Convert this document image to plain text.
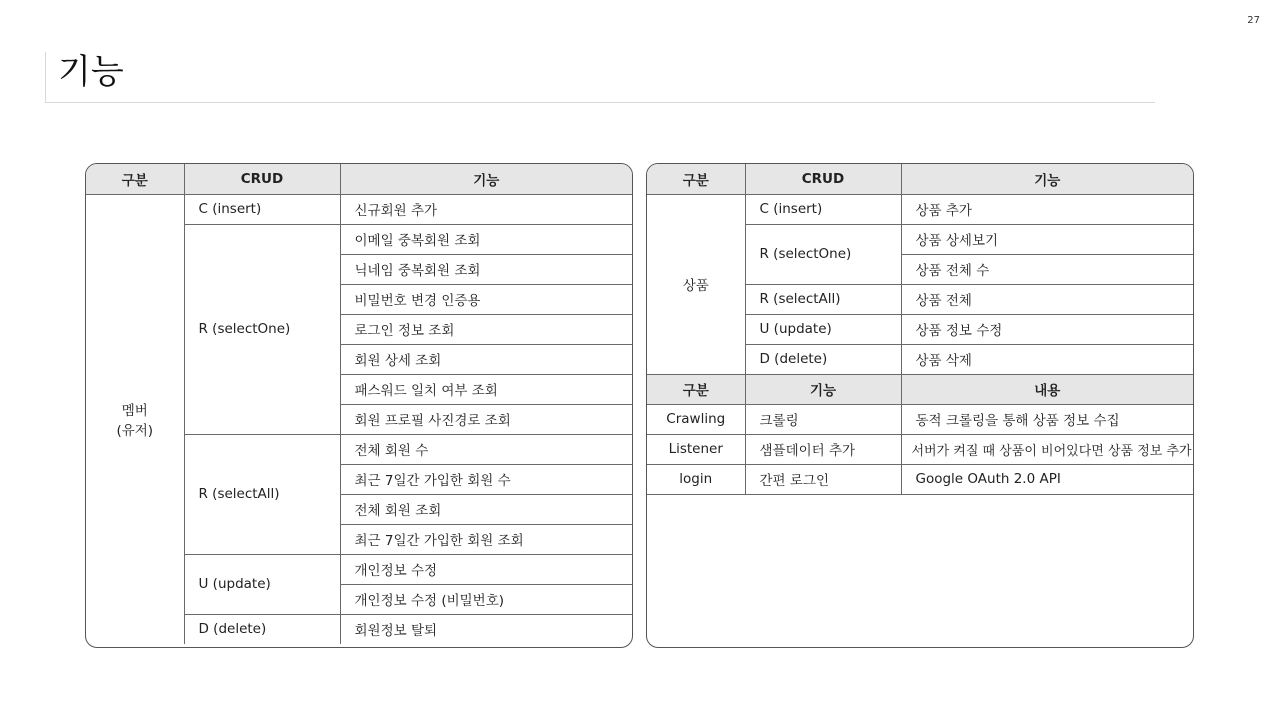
27
기능
구분	CRUD	기능
멤버
(유저)	C (insert)	신규회원 추가
	R (selectOne)	이메일 중복회원 조회
		닉네임 중복회원 조회
		비밀번호 변경 인증용
		로그인 정보 조회
		회원 상세 조회
		패스워드 일치 여부 조회
		회원 프로필 사진경로 조회
	R (selectAll)	전체 회원 수
		최근 7일간 가입한 회원 수
		전체 회원 조회
		최근 7일간 가입한 회원 조회
	U (update)	개인정보 수정
		개인정보 수정 (비밀번호)
	D (delete)	회원정보 탈퇴
구분	CRUD	기능
상품	C (insert)	상품 추가
	R (selectOne)	상품 상세보기
		상품 전체 수
	R (selectAll)	상품 전체
	U (update)	상품 정보 수정
	D (delete)	상품 삭제
구분	기능	내용
Crawling	크롤링	동적 크롤링을 통해 상품 정보 수집
Listener	샘플데이터 추가	서버가 켜질 때 상품이 비어있다면 상품 정보 추가
login	간편 로그인	Google OAuth 2.0 API
